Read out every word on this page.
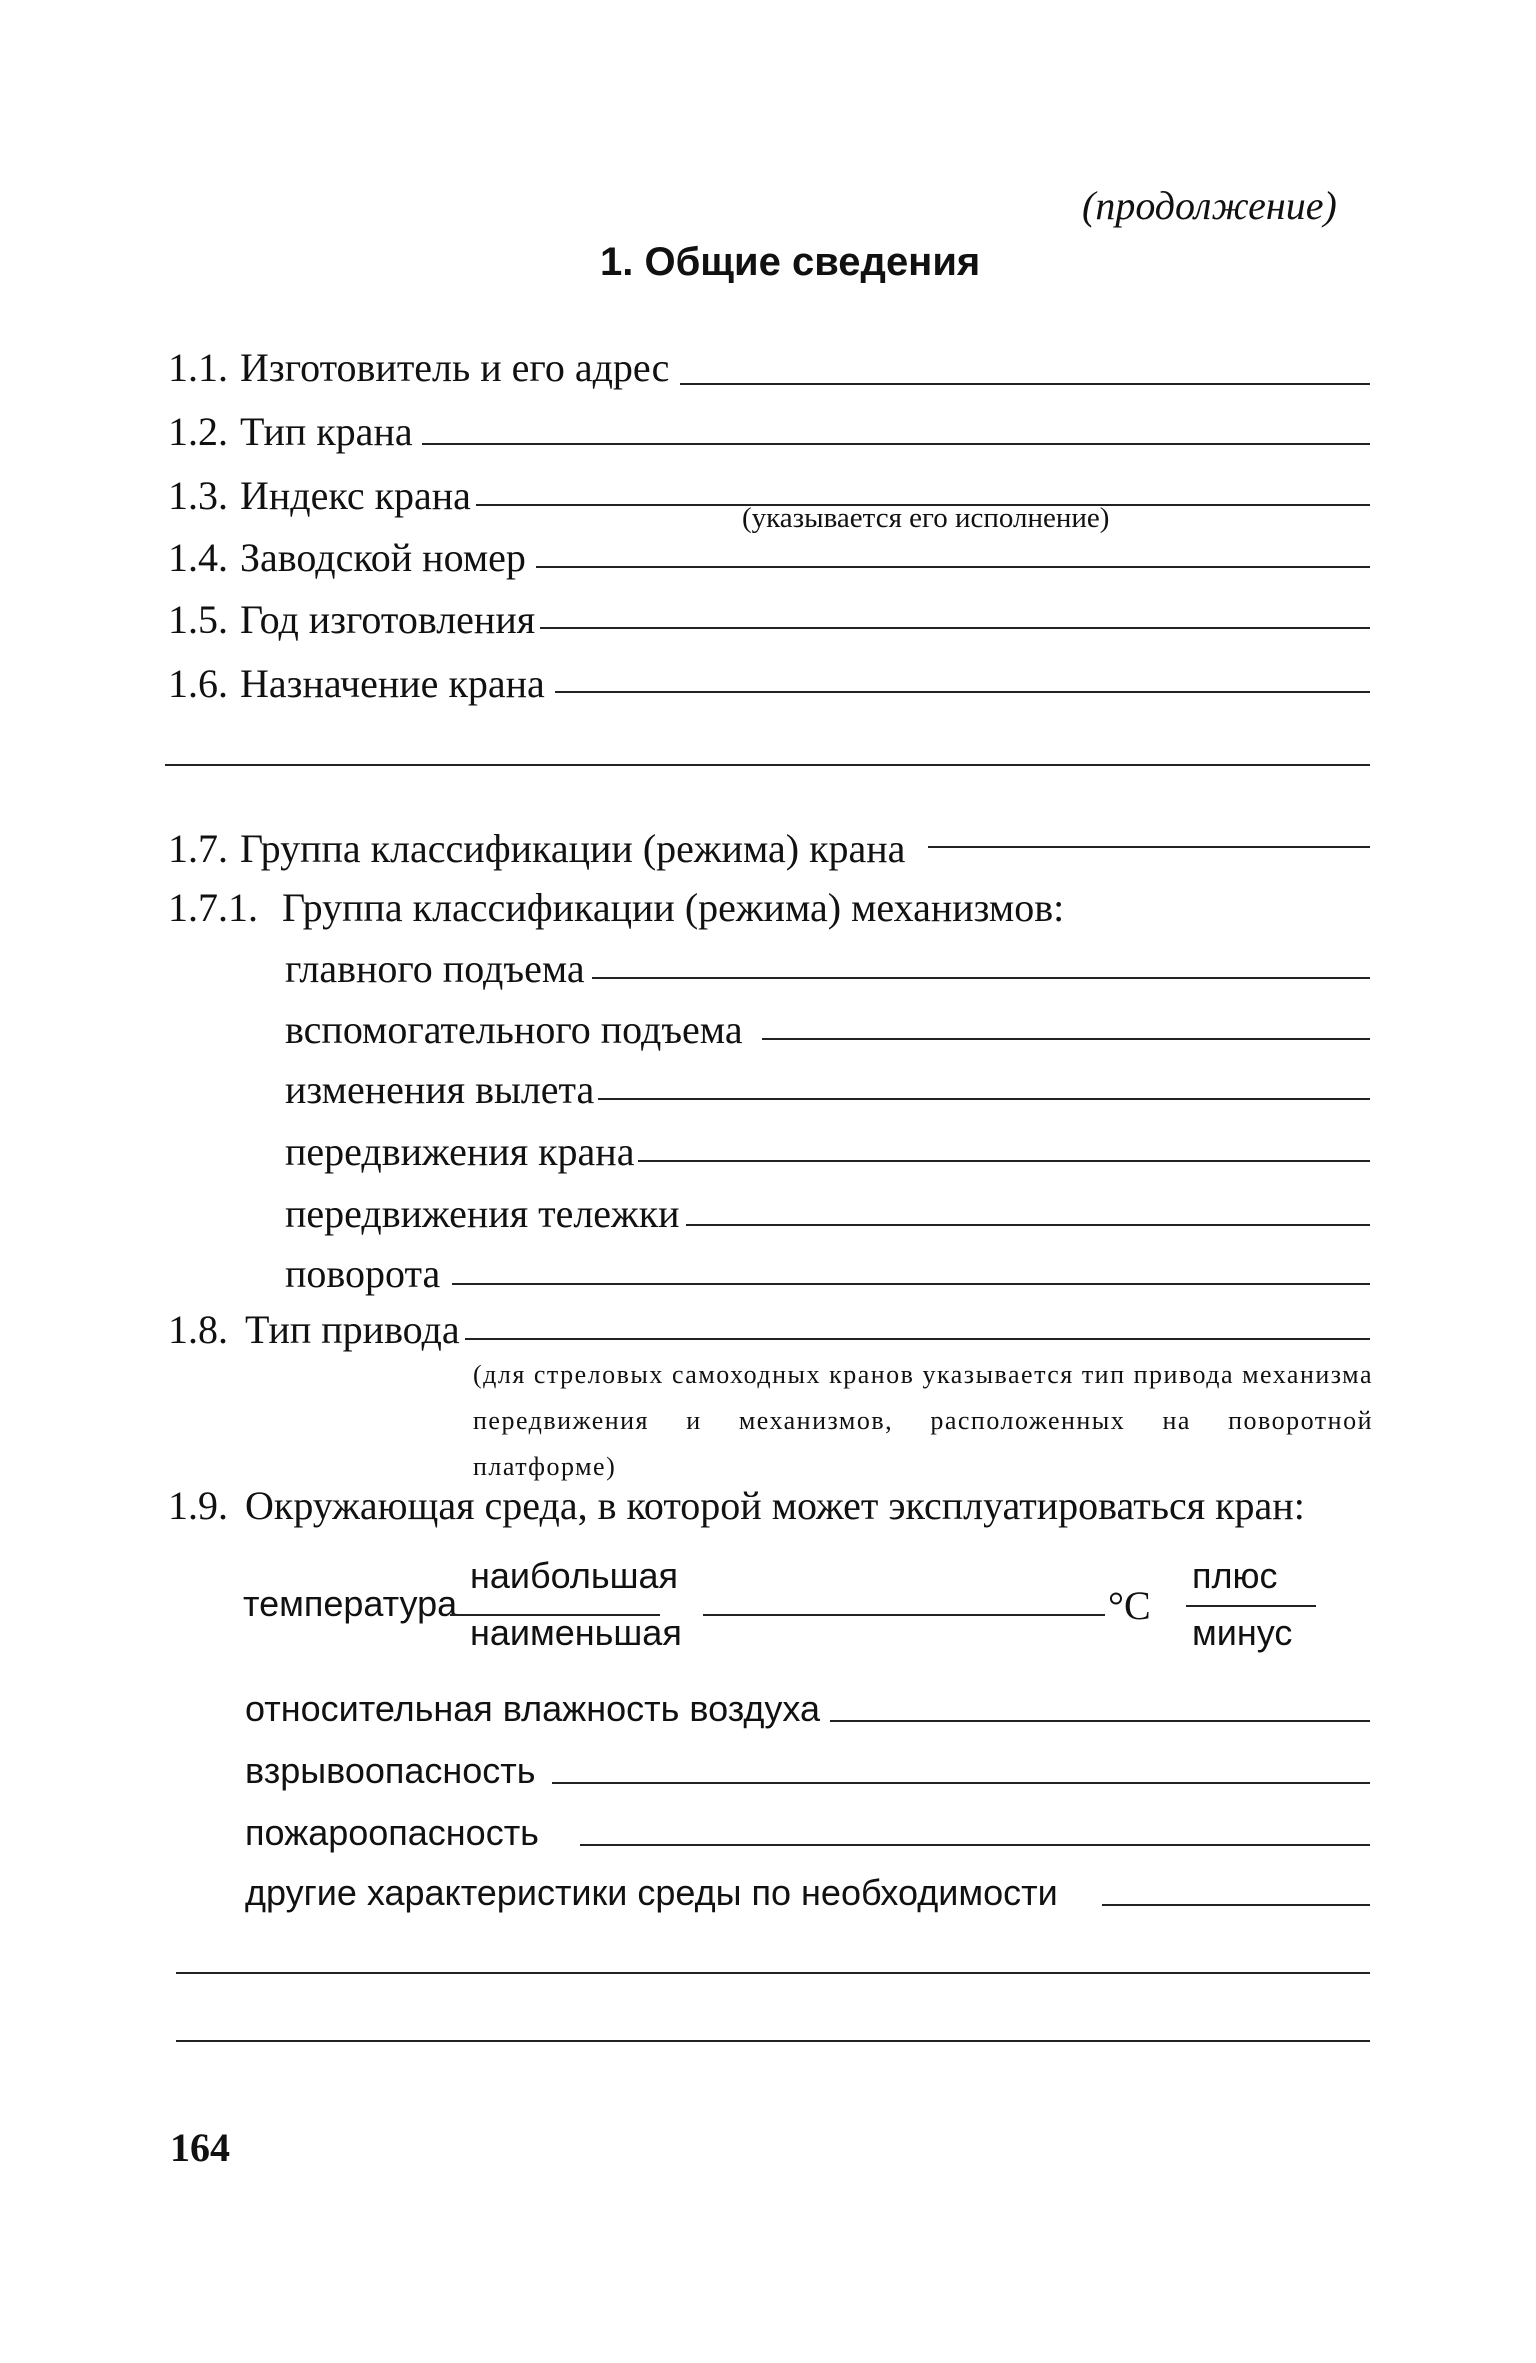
(продолжение)
1. Общие сведения
1.1. Изготовитель и его адрес
1.2. Тип крана
1.3. Индекс крана	(указывается его исполнение)
1.4. Заводской номер
1.5. Год изготовления
1.6. Назначение крана
1.7. Группа классификации (режима) крана
1.7.1. Группа классификации (режима) механизмов:
главного подъема
вспомогательного подъема
изменения вылета
передвижения крана
передвижения тележки
поворота
1.8. Тип привода
(для стреловых самоходных кранов указывается тип привода механизма передвижения и механизмов, расположенных на поворотной платформе)
1.9. Окружающая среда, в которой может эксплуатироваться кран:
наибольшая
температура
наименьшая
°C
плюс
минус
относительная влажность воздуха
взрывоопасность
пожароопасность
другие характеристики среды по необходимости
164
